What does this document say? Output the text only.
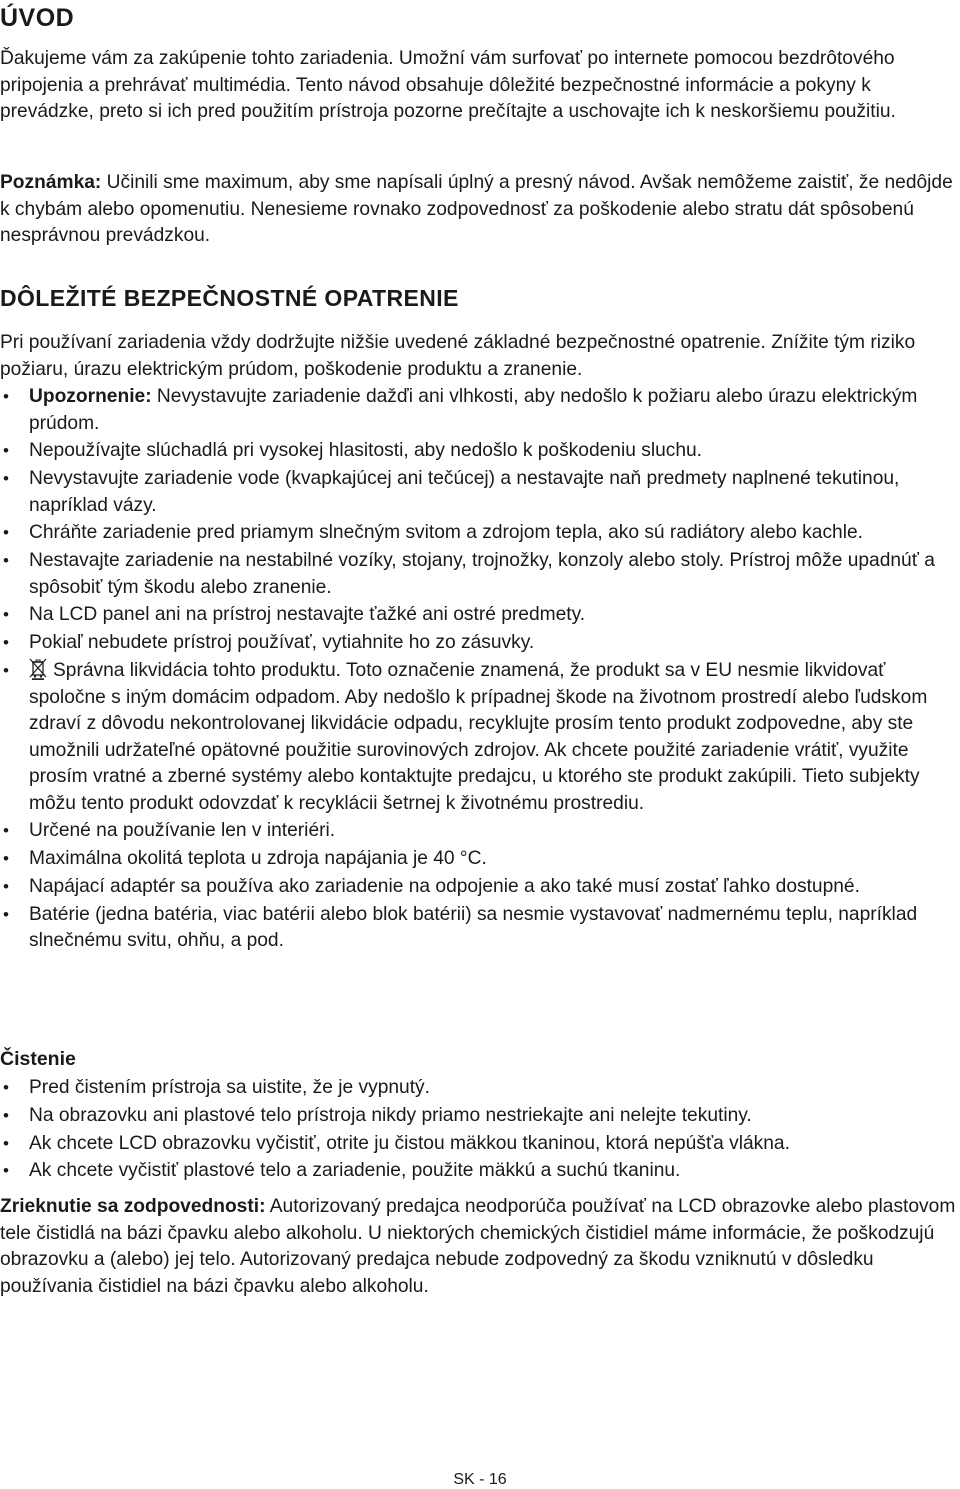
ÚVOD

Ďakujeme vám za zakúpenie tohto zariadenia. Umožní vám surfovať po internete pomocou bezdrôtového pripojenia a prehrávať multimédia. Tento návod obsahuje dôležité bezpečnostné informácie a pokyny k prevádzke, preto si ich pred použitím prístroja pozorne prečítajte a uschovajte ich k neskoršiemu použitiu.

Poznámka: Učinili sme maximum, aby sme napísali úplný a presný návod. Avšak nemôžeme zaistiť, že nedôjde k chybám alebo opomenutiu. Nenesieme rovnako zodpovednosť za poškodenie alebo stratu dát spôsobenú nesprávnou prevádzkou.

DÔLEŽITÉ BEZPEČNOSTNÉ OPATRENIE

Pri používaní zariadenia vždy dodržujte nižšie uvedené základné bezpečnostné opatrenie. Znížite tým riziko požiaru, úrazu elektrickým prúdom, poškodenie produktu a zranenie.

• Upozornenie: Nevystavujte zariadenie dažďi ani vlhkosti, aby nedošlo k požiaru alebo úrazu elektrickým prúdom.
• Nepoužívajte slúchadlá pri vysokej hlasitosti, aby nedošlo k poškodeniu sluchu.
• Nevystavujte zariadenie vode (kvapkajúcej ani tečúcej) a nestavajte naň predmety naplnené tekutinou, napríklad vázy.
• Chráňte zariadenie pred priamym slnečným svitom a zdrojom tepla, ako sú radiátory alebo kachle.
• Nestavajte zariadenie na nestabilné vozíky, stojany, trojnožky, konzoly alebo stoly. Prístroj môže upadnúť a spôsobiť tým škodu alebo zranenie.
• Na LCD panel ani na prístroj nestavajte ťažké ani ostré predmety.
• Pokiaľ nebudete prístroj používať, vytiahnite ho zo zásuvky.
• Správna likvidácia tohto produktu. Toto označenie znamená, že produkt sa v EU nesmie likvidovať spoločne s iným domácim odpadom. Aby nedošlo k prípadnej škode na životnom prostredí alebo ľudskom zdraví z dôvodu nekontrolovanej likvidácie odpadu, recyklujte prosím tento produkt zodpovedne, aby ste umožnili udržateľné opätovné použitie surovinových zdrojov. Ak chcete použité zariadenie vrátiť, využite prosím vratné a zberné systémy alebo kontaktujte predajcu, u ktorého ste produkt zakúpili. Tieto subjekty môžu tento produkt odovzdať k recyklácii šetrnej k životnému prostrediu.
• Určené na používanie len v interiéri.
• Maximálna okolitá teplota u zdroja napájania je 40 °C.
• Napájací adaptér sa používa ako zariadenie na odpojenie a ako také musí zostať ľahko dostupné.
• Batérie (jedna batéria, viac batérii alebo blok batérii) sa nesmie vystavovať nadmernému teplu, napríklad slnečnému svitu, ohňu, a pod.
Čistenie
• Pred čistením prístroja sa uistite, že je vypnutý.
• Na obrazovku ani plastové telo prístroja nikdy priamo nestriekajte ani nelejte tekutiny.
• Ak chcete LCD obrazovku vyčistiť, otrite ju čistou mäkkou tkaninou, ktorá nepúšťa vlákna.
• Ak chcete vyčistiť plastové telo a zariadenie, použite mäkkú a suchú tkaninu.

Zrieknutie sa zodpovednosti: Autorizovaný predajca neodporúča používať na LCD obrazovke alebo plastovom tele čistidlá na bázi čpavku alebo alkoholu. U niektorých chemických čistidiel máme informácie, že poškodzujú obrazovku a (alebo) jej telo. Autorizovaný predajca nebude zodpovedný za škodu vzniknutú v dôsledku používania čistidiel na bázi čpavku alebo alkoholu.

SK - 16
